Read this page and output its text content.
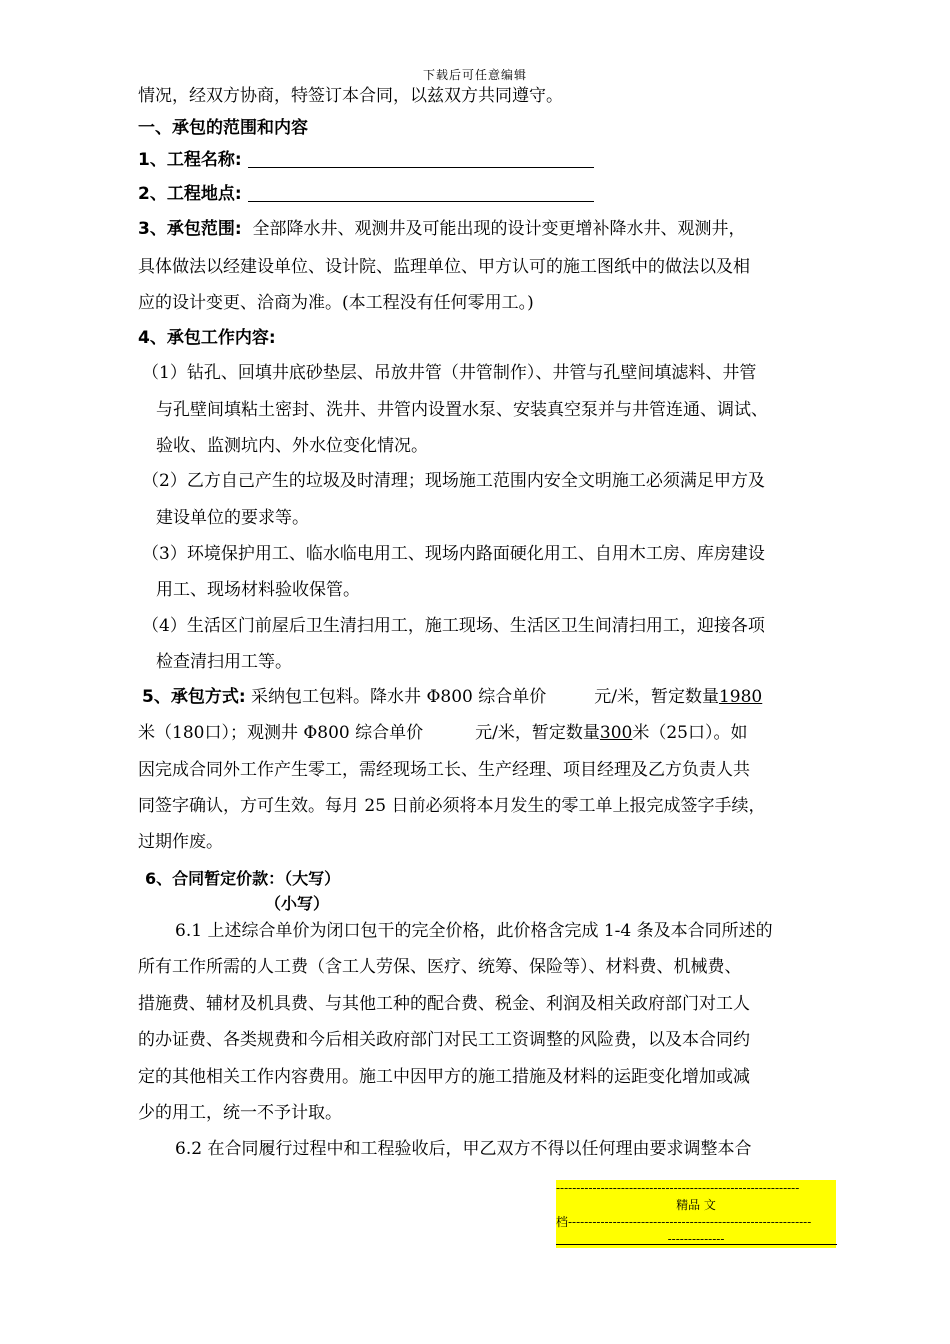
下载后可任意编辑
情况，经双方协商，特签订本合同，以兹双方共同遵守。
一、承包的范围和内容
1、工程名称:
2、工程地点:
3、承包范围: 全部降水井、观测井及可能出现的设计变更增补降水井、观测井，
具体做法以经建设单位、设计院、监理单位、甲方认可的施工图纸中的做法以及相
应的设计变更、洽商为准。(本工程没有任何零用工。)
4、承包工作内容:
（1）钻孔、回填井底砂垫层、吊放井管（井管制作）、井管与孔壁间填滤料、井管
与孔壁间填粘土密封、洗井、井管内设置水泵、安装真空泵并与井管连通、调试、
验收、监测坑内、外水位变化情况。
（2）乙方自己产生的垃圾及时清理；现场施工范围内安全文明施工必须满足甲方及
建设单位的要求等。
（3）环境保护用工、临水临电用工、现场内路面硬化用工、自用木工房、库房建设
用工、现场材料验收保管。
（4）生活区门前屋后卫生清扫用工，施工现场、生活区卫生间清扫用工，迎接各项
检查清扫用工等。
5、承包方式: 采纳包工包料。降水井 Φ800 综合单价	元/米，暂定数量1980
米（180口）；观测井 Φ800 综合单价	元/米，暂定数量300米（25口）。如
因完成合同外工作产生零工，需经现场工长、生产经理、项目经理及乙方负责人共
同签字确认，方可生效。每月 25 日前必须将本月发生的零工单上报完成签字手续，
过期作废。
6、合同暂定价款：（大写）
（小写）
6.1 上述综合单价为闭口包干的完全价格，此价格含完成 1-4 条及本合同所述的
所有工作所需的人工费（含工人劳保、医疗、统筹、保险等）、材料费、机械费、
措施费、辅材及机具费、与其他工种的配合费、税金、利润及相关政府部门对工人
的办证费、各类规费和今后相关政府部门对民工工资调整的风险费，以及本合同约
定的其他相关工作内容费用。施工中因甲方的施工措施及材料的运距变化增加或减
少的用工，统一不予计取。
6.2 在合同履行过程中和工程验收后，甲乙双方不得以任何理由要求调整本合
------------------------------------------------------------
精品 文
档------------------------------------------------------------
--------------
